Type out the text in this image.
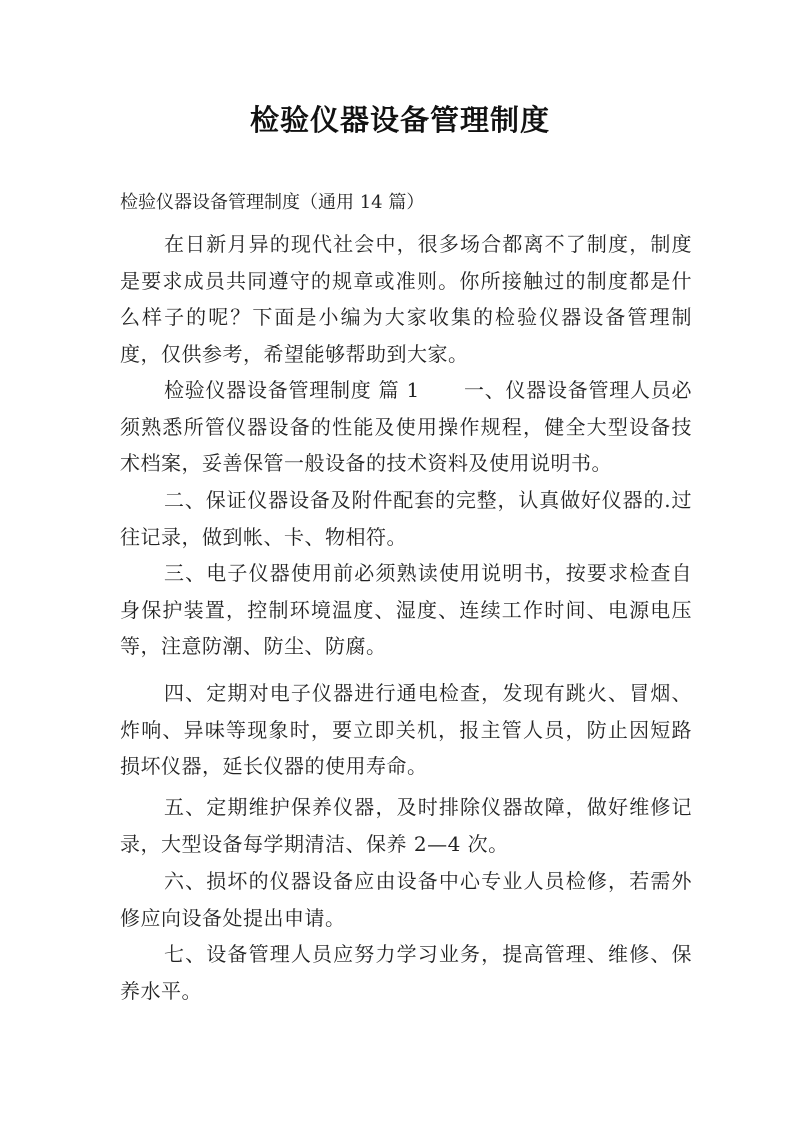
检验仪器设备管理制度

检验仪器设备管理制度（通用 14 篇）

在日新月异的现代社会中，很多场合都离不了制度，制度是要求成员共同遵守的规章或准则。你所接触过的制度都是什么样子的呢？下面是小编为大家收集的检验仪器设备管理制度，仅供参考，希望能够帮助到大家。

检验仪器设备管理制度 篇 1 一、仪器设备管理人员必须熟悉所管仪器设备的性能及使用操作规程，健全大型设备技术档案，妥善保管一般设备的技术资料及使用说明书。

二、保证仪器设备及附件配套的完整，认真做好仪器的.过往记录，做到帐、卡、物相符。

三、电子仪器使用前必须熟读使用说明书，按要求检查自身保护装置，控制环境温度、湿度、连续工作时间、电源电压等，注意防潮、防尘、防腐。

四、定期对电子仪器进行通电检查，发现有跳火、冒烟、炸响、异味等现象时，要立即关机，报主管人员，防止因短路损坏仪器，延长仪器的使用寿命。

五、定期维护保养仪器，及时排除仪器故障，做好维修记录，大型设备每学期清洁、保养 2—4 次。

六、损坏的仪器设备应由设备中心专业人员检修，若需外修应向设备处提出申请。

七、设备管理人员应努力学习业务，提高管理、维修、保养水平。
